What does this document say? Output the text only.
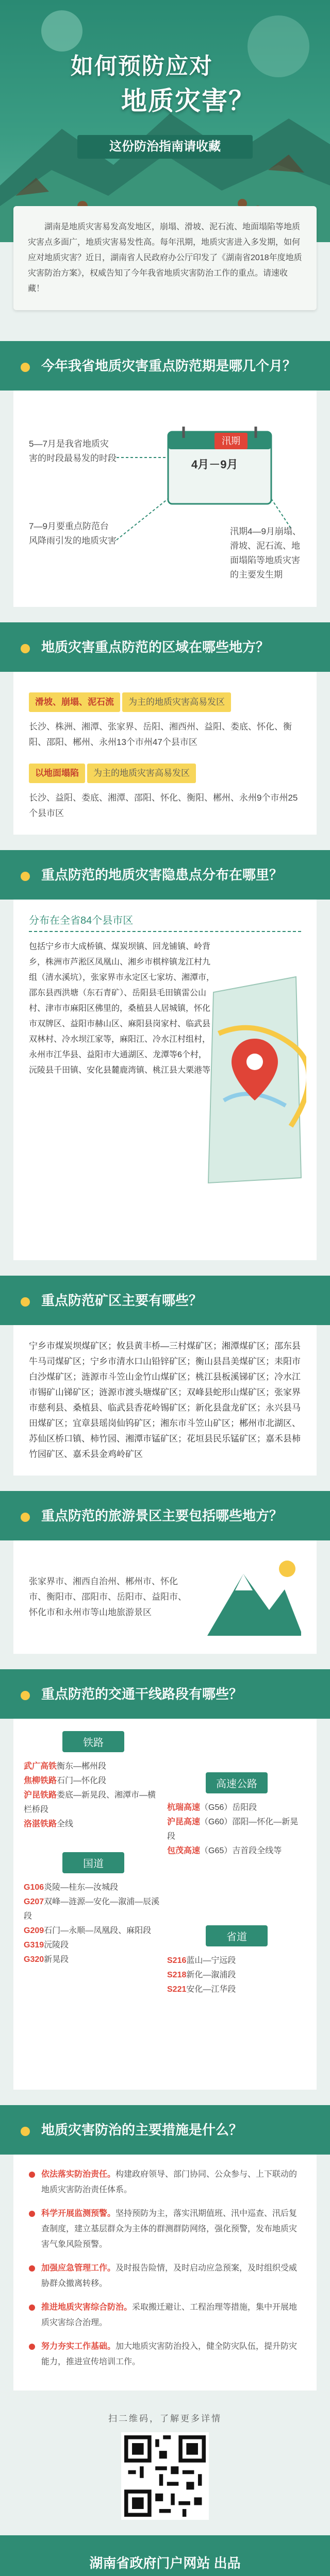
如何预防应对
地质灾害？
这份防治指南请收藏
湖南是地质灾害易发高发地区，崩塌、滑坡、泥石流、地面塌陷等地质灾害点多面广，地质灾害易发性高。每年汛期，地质灾害进入多发期，如何应对地质灾害？近日，湖南省人民政府办公厅印发了《湖南省2018年度地质灾害防治方案》，权威告知了今年我省地质灾害防治工作的重点。请速收藏！
今年我省地质灾害重点防范期是哪几个月？
汛期
4月－9月
5—7月是我省地质灾害的时段最易发的时段
7—9月要重点防范台风降雨引发的地质灾害
汛期4—9月崩塌、滑坡、泥石流、地面塌陷等地质灾害的主要发生期
地质灾害重点防范的区域在哪些地方？
滑坡、崩塌、泥石流	为主的地质灾害高易发区

长沙、株洲、湘潭、张家界、岳阳、湘西州、益阳、娄底、怀化、衡阳、邵阳、郴州、永州13个市州47个县市区

以地面塌陷	为主的地质灾害高易发区

长沙、益阳、娄底、湘潭、邵阳、怀化、衡阳、郴州、永州9个市州25个县市区

重点防范的地质灾害隐患点分布在哪里？
分布在全省84个县市区
包括宁乡市大成桥镇、煤炭坝镇、回龙铺镇、岭背乡，株洲市芦淞区凤凰山、湘乡市棋梓镇龙江村九组（清水溪坑），张家界市永定区七家坊、湘潭市，邵东县西洪塘（东石青矿）、岳阳县毛田镇雷公山村、津市市麻阳区佛里的，桑植县人居城镇，怀化市双牌区、益阳市赫山区、麻阳县岗家村、临武县双林村、冷水坝江家等，麻阳江、冷水江村组村，永州市江华县、益阳市大通湖区、龙潭等6个村，沅陵县千田镇、安化县麓鹿湾镇、桃江县大栗港等
重点防范矿区主要有哪些？
宁乡市煤炭坝煤矿区；攸县黄丰桥—三村煤矿区；湘潭煤矿区；邵东县牛马司煤矿区；宁乡市清水口山铅锌矿区；衡山县昌美煤矿区；耒阳市白沙煤矿区；涟源市斗笠山金竹山煤矿区；桃江县板溪锑矿区；冷水江市锡矿山锑矿区；涟源市渡头塘煤矿区；双峰县蛇形山煤矿区；张家界市慈利县、桑植县、临武县香花岭锡矿区；新化县盘龙矿区；永兴县马田煤矿区；宜章县瑶岗仙钨矿区；湘东市斗笠山矿区；郴州市北湖区、苏仙区桥口镇、柿竹园、湘潭市锰矿区；花垣县民乐锰矿区；嘉禾县柿竹园矿区、嘉禾县金鸡岭矿区
重点防范的旅游景区主要包括哪些地方？

张家界市、湘西自治州、郴州市、怀化市、衡阳市、邵阳市、岳阳市、益阳市、怀化市和永州市等山地旅游景区

重点防范的交通干线路段有哪些？
铁路
武广高铁衡东—郴州段
焦柳铁路石门—怀化段
沪昆铁路娄底—新晃段、湘潭市—横栏桥段
洛湛铁路全线
国道
G106炎陵—桂东—汝城段
G207双峰—涟源—安化—溆浦—辰溪段
G209石门—永顺—凤凰段、麻阳段
G319沅陵段
G320新晃段
高速公路
杭瑞高速（G56）岳阳段
沪昆高速（G60）邵阳—怀化—新晃段
包茂高速（G65）吉首段全线等
省道
S216蓝山—宁远段
S218新化—溆浦段
S221安化—江华段
地质灾害防治的主要措施是什么？
依法落实防治责任。构建政府领导、部门协同、公众参与、上下联动的地质灾害防治责任体系。
科学开展监测预警。坚持预防为主，落实汛期值班、汛中巡查、汛后复查制度，建立基层群众为主体的群测群防网络，强化预警，发布地质灾害气象风险预警。
加强应急管理工作。及时报告险情，及时启动应急预案，及时组织受威胁群众撤离转移。
推进地质灾害综合防治。采取搬迁避让、工程治理等措施，集中开展地质灾害综合治理。
努力夯实工作基础。加大地质灾害防治投入，健全防灾队伍，提升防灾能力，推进宣传培训工作。
扫二维码，了解更多详情
湖南省政府门户网站 出品
